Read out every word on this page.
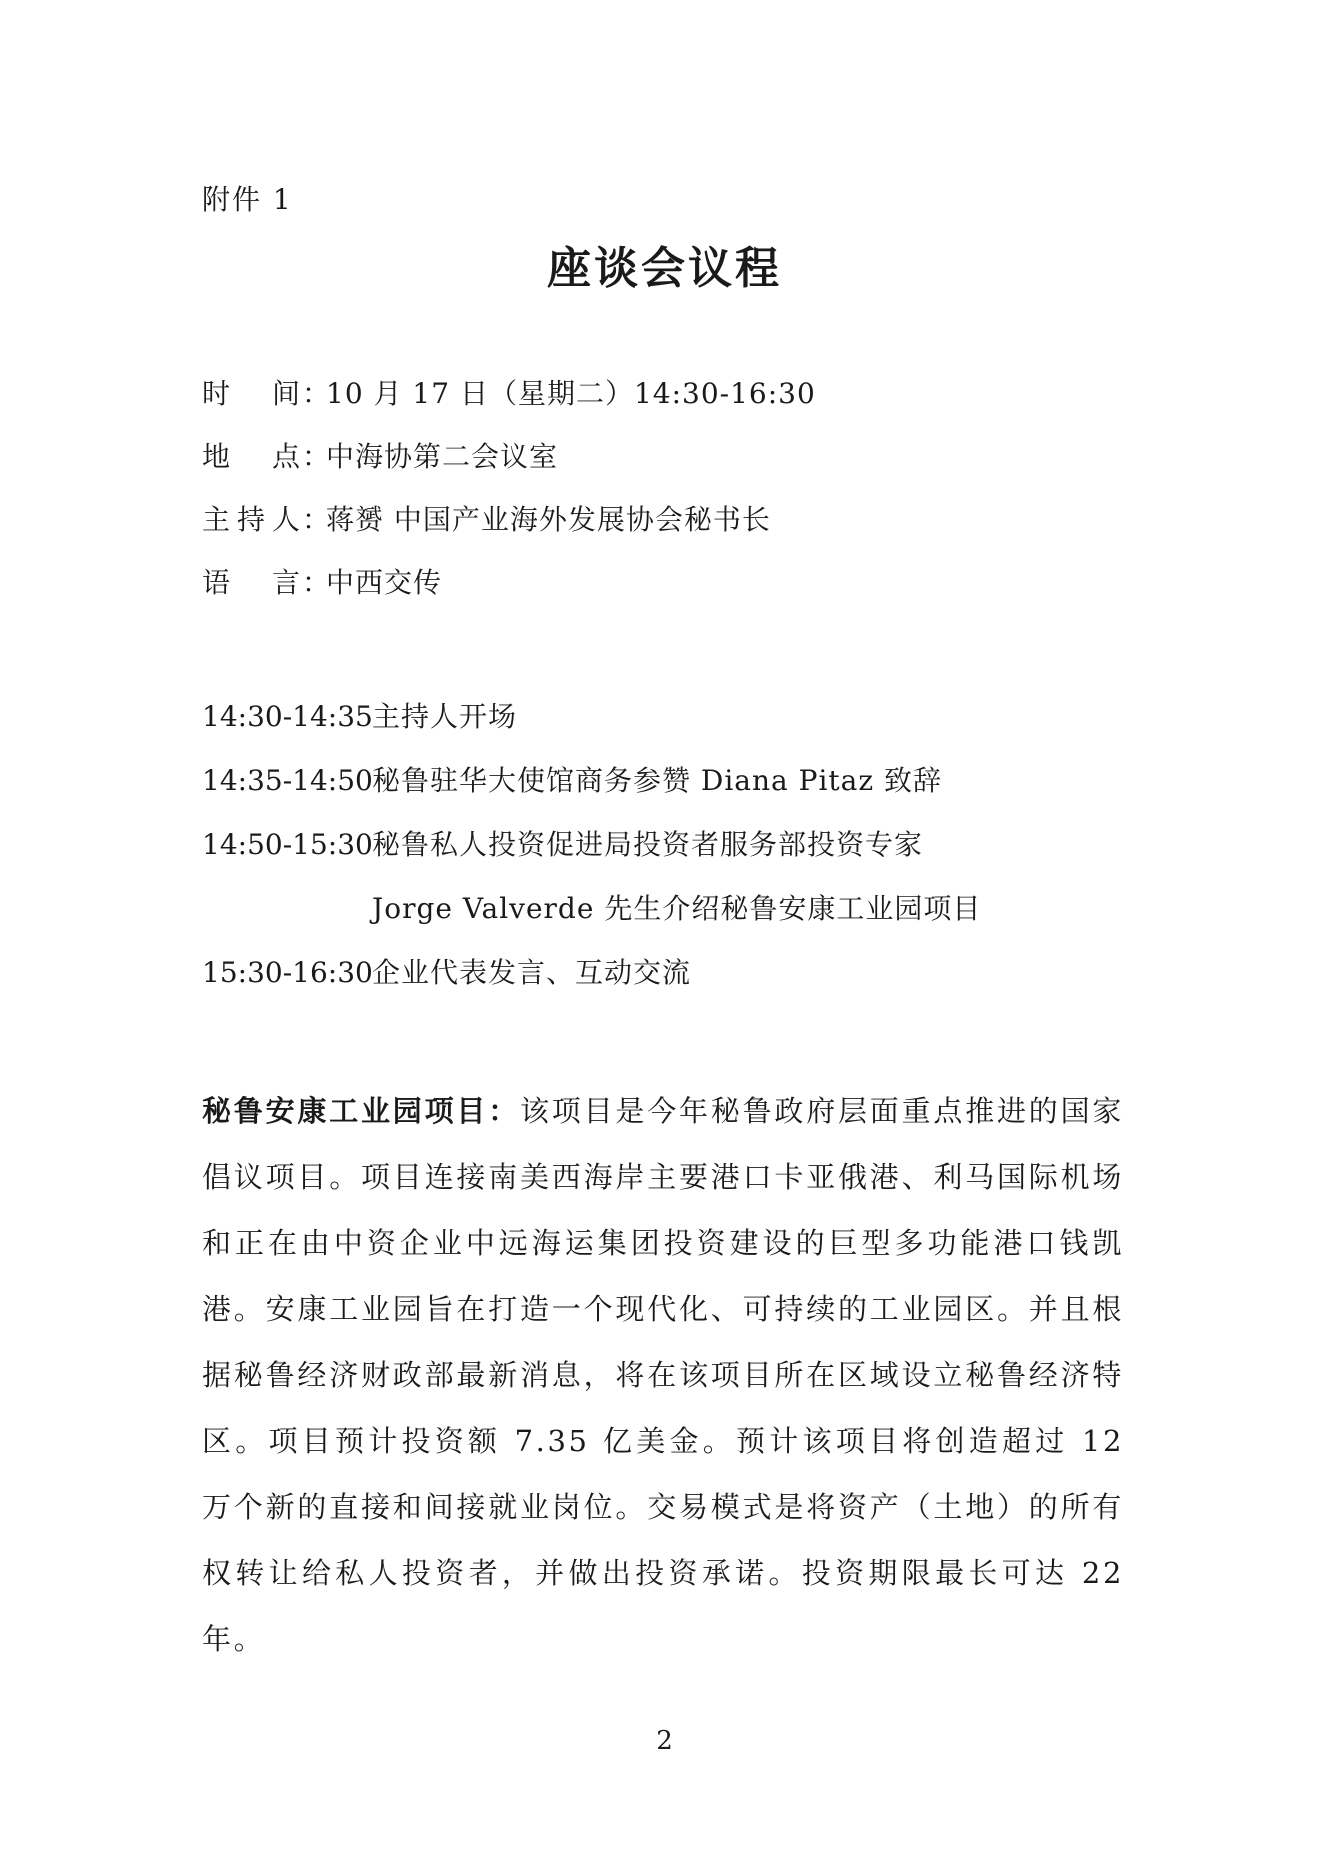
附件 1
座谈会议程
时间：10 月 17 日（星期二）14:30-16:30
地点：中海协第二会议室
主持人：蒋赟 中国产业海外发展协会秘书长
语言：中西交传
14:30-14:35主持人开场
14:35-14:50秘鲁驻华大使馆商务参赞 Diana Pitaz 致辞
14:50-15:30秘鲁私人投资促进局投资者服务部投资专家
Jorge Valverde 先生介绍秘鲁安康工业园项目
15:30-16:30企业代表发言、互动交流
秘鲁安康工业园项目：该项目是今年秘鲁政府层面重点推进的国家倡议项目。项目连接南美西海岸主要港口卡亚俄港、利马国际机场和正在由中资企业中远海运集团投资建设的巨型多功能港口钱凯港。安康工业园旨在打造一个现代化、可持续的工业园区。并且根据秘鲁经济财政部最新消息，将在该项目所在区域设立秘鲁经济特区。项目预计投资额 7.35 亿美金。预计该项目将创造超过 12 万个新的直接和间接就业岗位。交易模式是将资产（土地）的所有权转让给私人投资者，并做出投资承诺。投资期限最长可达 22 年。
2
